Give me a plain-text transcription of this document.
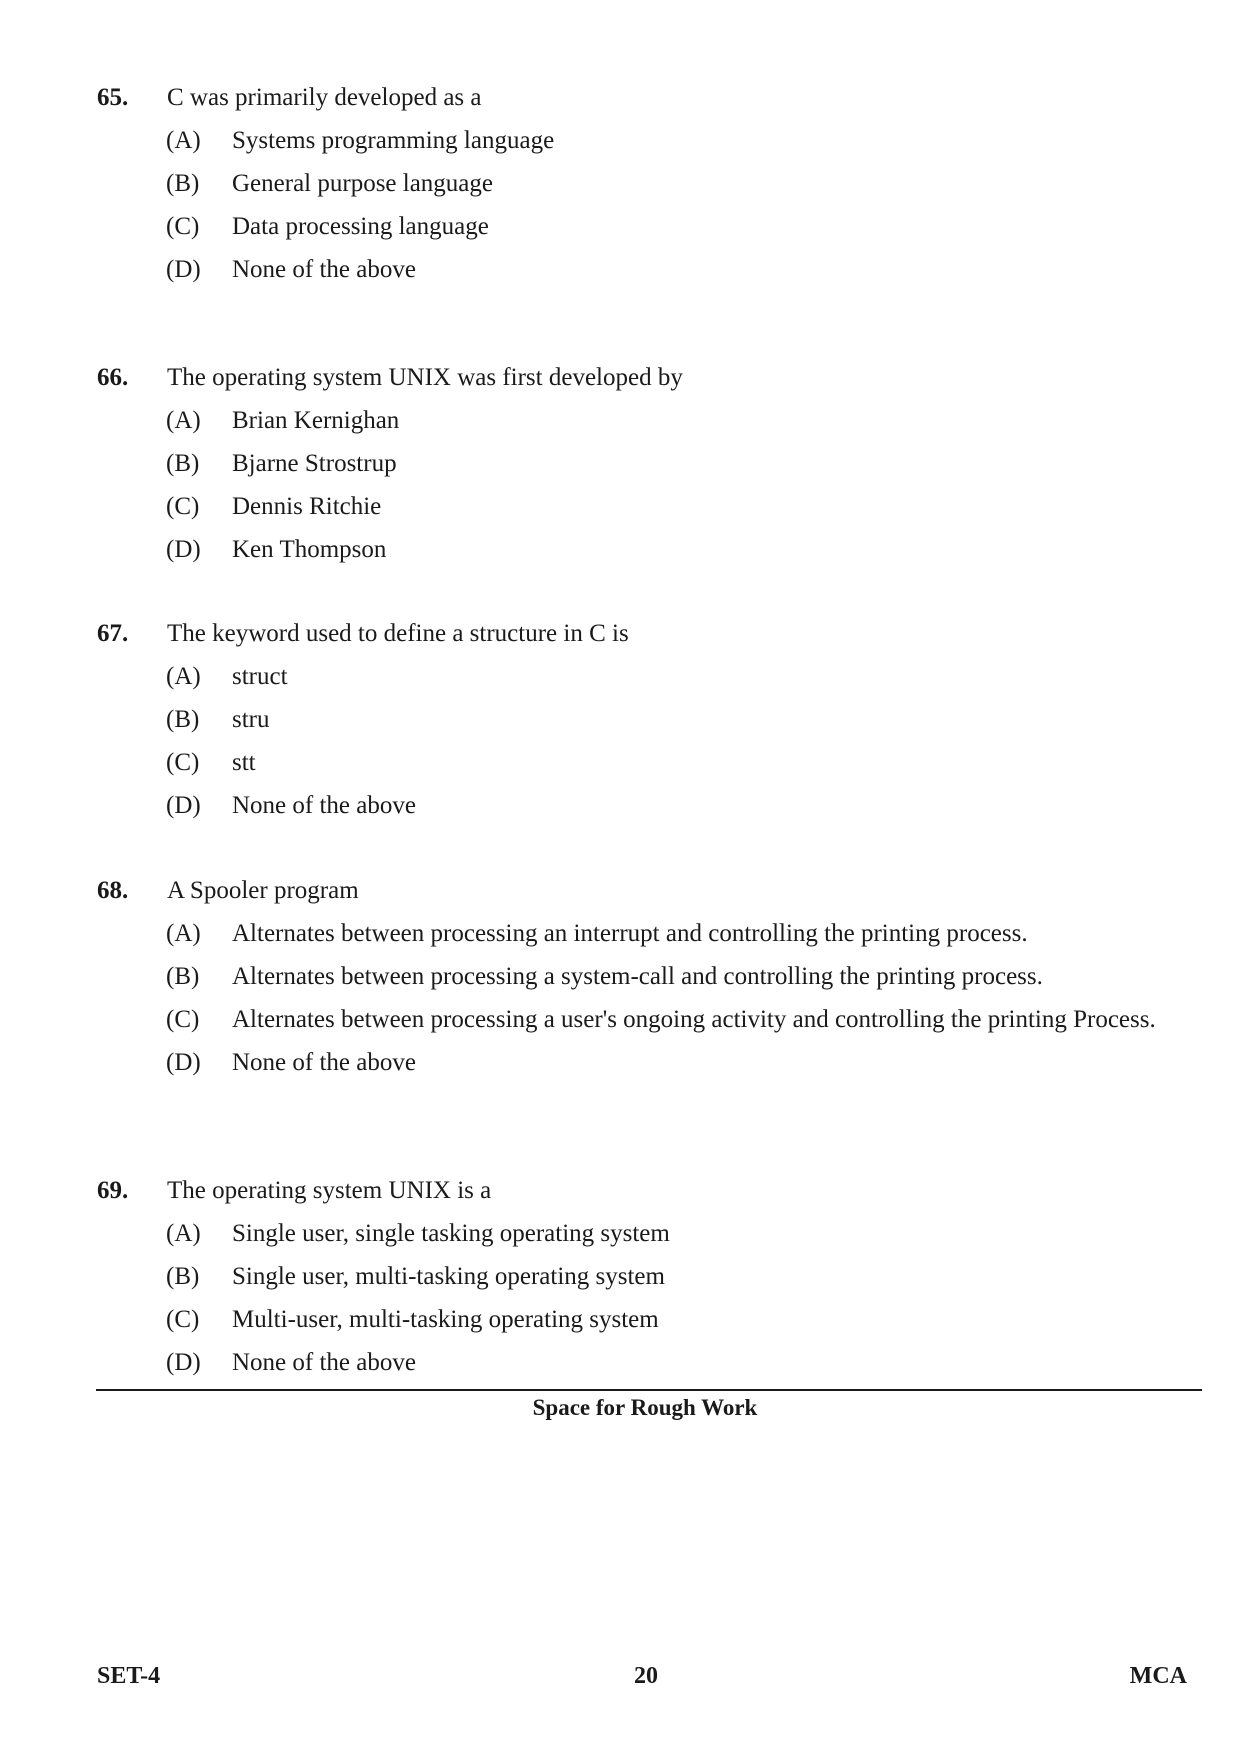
65. C was primarily developed as a
(A) Systems programming language
(B) General purpose language
(C) Data processing language
(D) None of the above
66. The operating system UNIX was first developed by
(A) Brian Kernighan
(B) Bjarne Strostrup
(C) Dennis Ritchie
(D) Ken Thompson
67. The keyword used to define a structure in C is
(A) struct
(B) stru
(C) stt
(D) None of the above
68. A Spooler program
(A) Alternates between processing an interrupt and controlling the printing process.
(B) Alternates between processing a system-call and controlling the printing process.
(C) Alternates between processing a user's ongoing activity and controlling the printing Process.
(D) None of the above
69. The operating system UNIX is a
(A) Single user, single tasking operating system
(B) Single user, multi-tasking operating system
(C) Multi-user, multi-tasking operating system
(D) None of the above
Space for Rough Work
SET-4	20	MCA
